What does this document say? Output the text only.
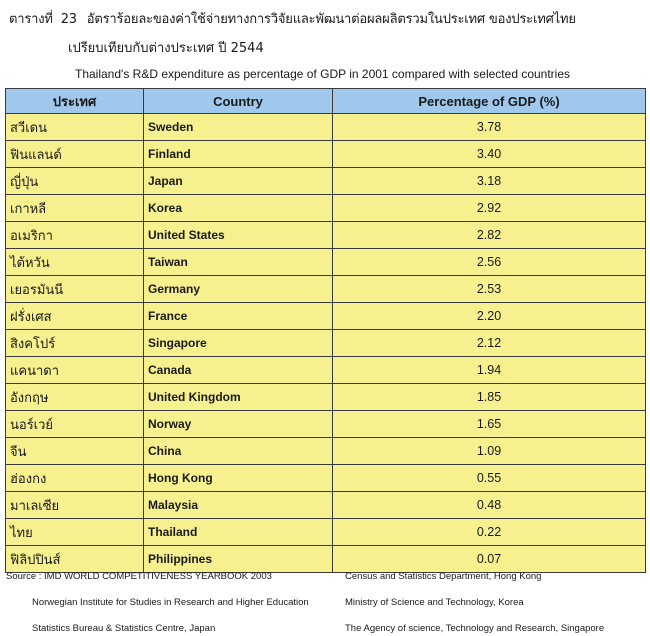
ตารางที่ 23 อัตราร้อยละของค่าใช้จ่ายทางการวิจัยและพัฒนาต่อผลผลิตรวมในประเทศ ของประเทศไทย
เปรียบเทียบกับต่างประเทศ ปี 2544
Thailand's R&D expenditure as percentage of GDP in 2001 compared with selected countries
ประเทศ	Country	Percentage of GDP (%)
สวีเดน	Sweden	3.78
ฟินแลนด์	Finland	3.40
ญี่ปุ่น	Japan	3.18
เกาหลี	Korea	2.92
อเมริกา	United States	2.82
ไต้หวัน	Taiwan	2.56
เยอรมันนี	Germany	2.53
ฝรั่งเศส	France	2.20
สิงคโปร์	Singapore	2.12
แคนาดา	Canada	1.94
อังกฤษ	United Kingdom	1.85
นอร์เวย์	Norway	1.65
จีน	China	1.09
ฮ่องกง	Hong Kong	0.55
มาเลเซีย	Malaysia	0.48
ไทย	Thailand	0.22
ฟิลิปปินส์	Philippines	0.07
Source : IMD WORLD COMPETITIVENESS YEARBOOK 2003
Norwegian Institute for Studies in Research and Higher Education
Statistics Bureau & Statistics Centre, Japan
Census and Statistics Department, Hong Kong
Ministry of Science and Technology, Korea
The Agency of science, Technology and Research, Singapore
